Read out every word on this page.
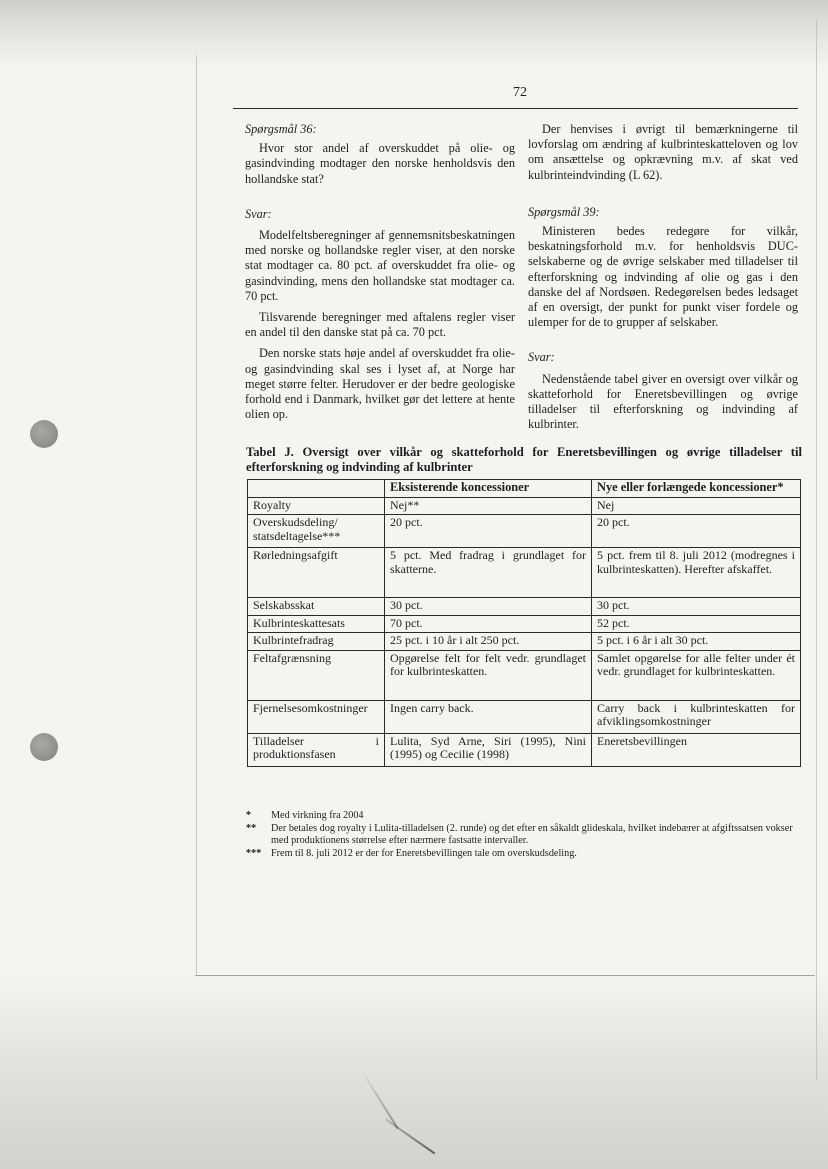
72
Spørgsmål 36:

Hvor stor andel af overskuddet på olie- og gasindvinding modtager den norske henholdsvis den hollandske stat?

Svar:

Modelfeltsberegninger af gennemsnitsbeskatningen med norske og hollandske regler viser, at den norske stat modtager ca. 80 pct. af overskuddet fra olie- og gasindvinding, mens den hollandske stat modtager ca. 70 pct.

Tilsvarende beregninger med aftalens regler viser en andel til den danske stat på ca. 70 pct.

Den norske stats høje andel af overskuddet fra olie- og gasindvinding skal ses i lyset af, at Norge har meget større felter. Herudover er der bedre geologiske forhold end i Danmark, hvilket gør det lettere at hente olien op.

Der henvises i øvrigt til bemærkningerne til lovforslag om ændring af kulbrinteskatteloven og lov om ansættelse og opkrævning m.v. af skat ved kulbrinteindvinding (L 62).

Spørgsmål 39:

Ministeren bedes redegøre for vilkår, beskatningsforhold m.v. for henholdsvis DUC-selskaberne og de øvrige selskaber med tilladelser til efterforskning og indvinding af olie og gas i den danske del af Nordsøen. Redegørelsen bedes ledsaget af en oversigt, der punkt for punkt viser fordele og ulemper for de to grupper af selskaber.

Svar:

Nedenstående tabel giver en oversigt over vilkår og skatteforhold for Eneretsbevillingen og øvrige tilladelser til efterforskning og indvinding af kulbrinter.

Tabel J. Oversigt over vilkår og skatteforhold for Eneretsbevillingen og øvrige tilladelser til efterforskning og indvinding af kulbrinter
	Eksisterende koncessioner	Nye eller forlængede koncessioner*
Royalty	Nej**	Nej
Overskudsdeling/ statsdeltagelse***	20 pct.	20 pct.
Rørledningsafgift	5 pct. Med fradrag i grundlaget for skatterne.	5 pct. frem til 8. juli 2012 (modregnes i kulbrinteskatten). Herefter afskaffet.
Selskabsskat	30 pct.	30 pct.
Kulbrinteskattesats	70 pct.	52 pct.
Kulbrintefradrag	25 pct. i 10 år i alt 250 pct.	5 pct. i 6 år i alt 30 pct.
Feltafgrænsning	Opgørelse felt for felt vedr. grundlaget for kulbrinteskatten.	Samlet opgørelse for alle felter under ét vedr. grundlaget for kulbrinteskatten.
Fjernelsesomkostninger	Ingen carry back.	Carry back i kulbrinteskatten for afviklingsomkostninger
Tilladelser i produktionsfasen	Lulita, Syd Arne, Siri (1995), Nini (1995) og Cecilie (1998)	Eneretsbevillingen
*	Med virkning fra 2004
**	Der betales dog royalty i Lulita-tilladelsen (2. runde) og det efter en såkaldt glideskala, hvilket indebærer at afgiftssatsen vokser med produktionens størrelse efter nærmere fastsatte intervaller.
*** Frem til 8. juli 2012 er der for Eneretsbevillingen tale om overskudsdeling.
